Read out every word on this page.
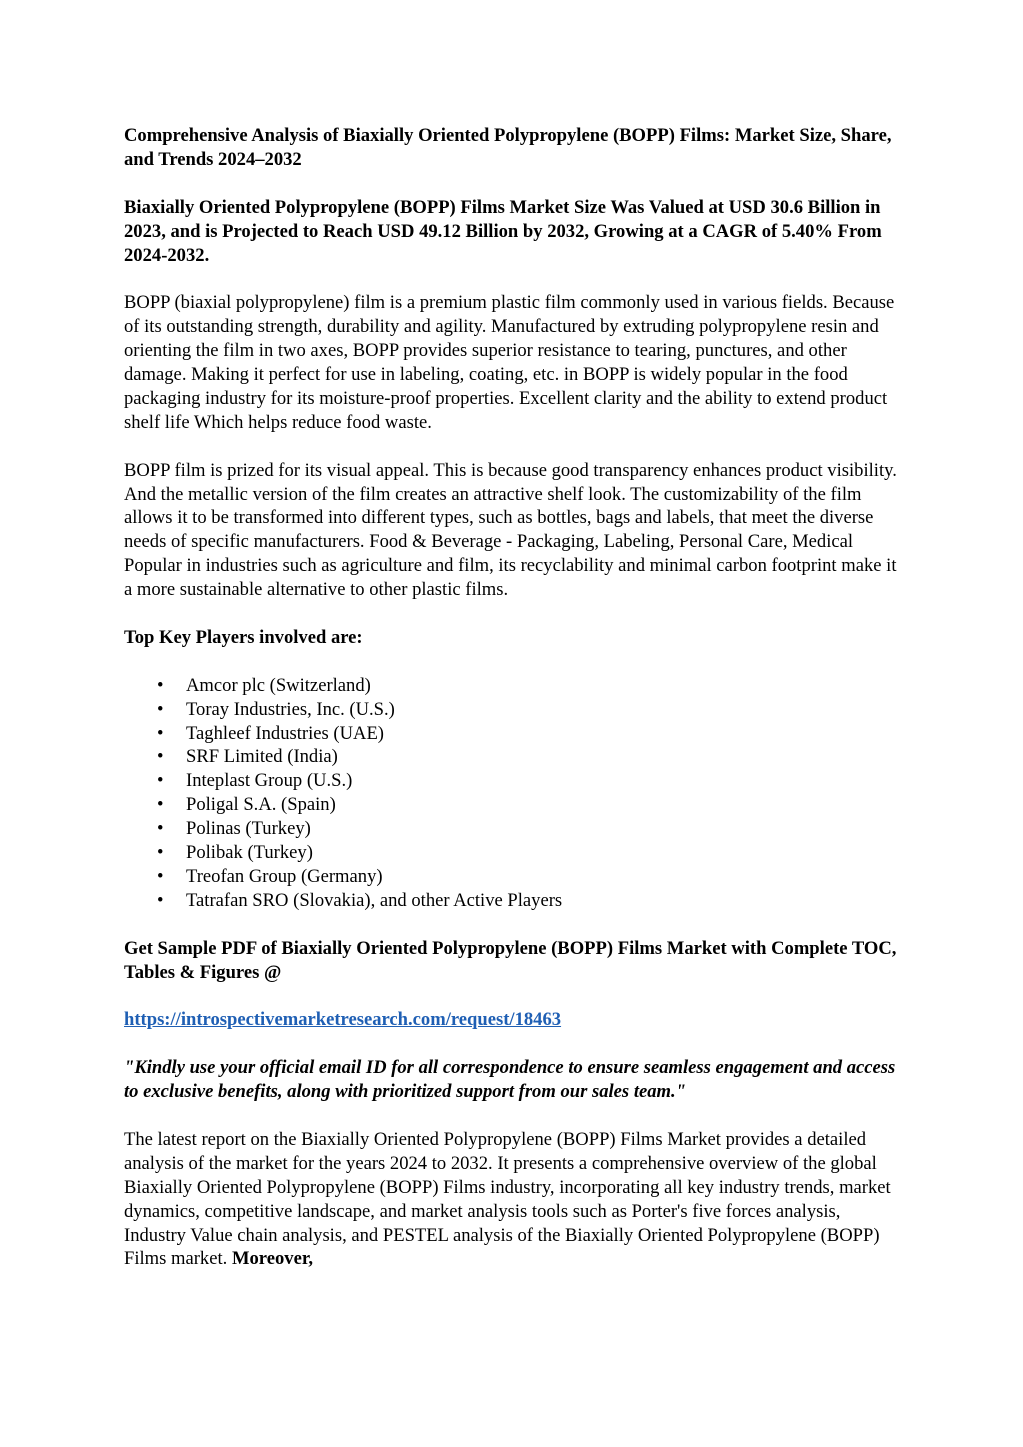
Comprehensive Analysis of Biaxially Oriented Polypropylene (BOPP) Films: Market Size, Share, and Trends 2024–2032

Biaxially Oriented Polypropylene (BOPP) Films Market Size Was Valued at USD 30.6 Billion in 2023, and is Projected to Reach USD 49.12 Billion by 2032, Growing at a CAGR of 5.40% From 2024-2032.

BOPP (biaxial polypropylene) film is a premium plastic film commonly used in various fields. Because of its outstanding strength, durability and agility. Manufactured by extruding polypropylene resin and orienting the film in two axes, BOPP provides superior resistance to tearing, punctures, and other damage. Making it perfect for use in labeling, coating, etc. in BOPP is widely popular in the food packaging industry for its moisture-proof properties. Excellent clarity and the ability to extend product shelf life Which helps reduce food waste.

BOPP film is prized for its visual appeal. This is because good transparency enhances product visibility. And the metallic version of the film creates an attractive shelf look. The customizability of the film allows it to be transformed into different types, such as bottles, bags and labels, that meet the diverse needs of specific manufacturers. Food & Beverage - Packaging, Labeling, Personal Care, Medical Popular in industries such as agriculture and film, its recyclability and minimal carbon footprint make it a more sustainable alternative to other plastic films.

Top Key Players involved are:

• Amcor plc (Switzerland)
• Toray Industries, Inc. (U.S.)
• Taghleef Industries (UAE)
• SRF Limited (India)
• Inteplast Group (U.S.)
• Poligal S.A. (Spain)
• Polinas (Turkey)
• Polibak (Turkey)
• Treofan Group (Germany)
• Tatrafan SRO (Slovakia), and other Active Players

Get Sample PDF of Biaxially Oriented Polypropylene (BOPP) Films Market with Complete TOC, Tables & Figures @

https://introspectivemarketresearch.com/request/18463

"Kindly use your official email ID for all correspondence to ensure seamless engagement and access to exclusive benefits, along with prioritized support from our sales team."

The latest report on the Biaxially Oriented Polypropylene (BOPP) Films Market provides a detailed analysis of the market for the years 2024 to 2032. It presents a comprehensive overview of the global Biaxially Oriented Polypropylene (BOPP) Films industry, incorporating all key industry trends, market dynamics, competitive landscape, and market analysis tools such as Porter's five forces analysis, Industry Value chain analysis, and PESTEL analysis of the Biaxially Oriented Polypropylene (BOPP) Films market. Moreover,
